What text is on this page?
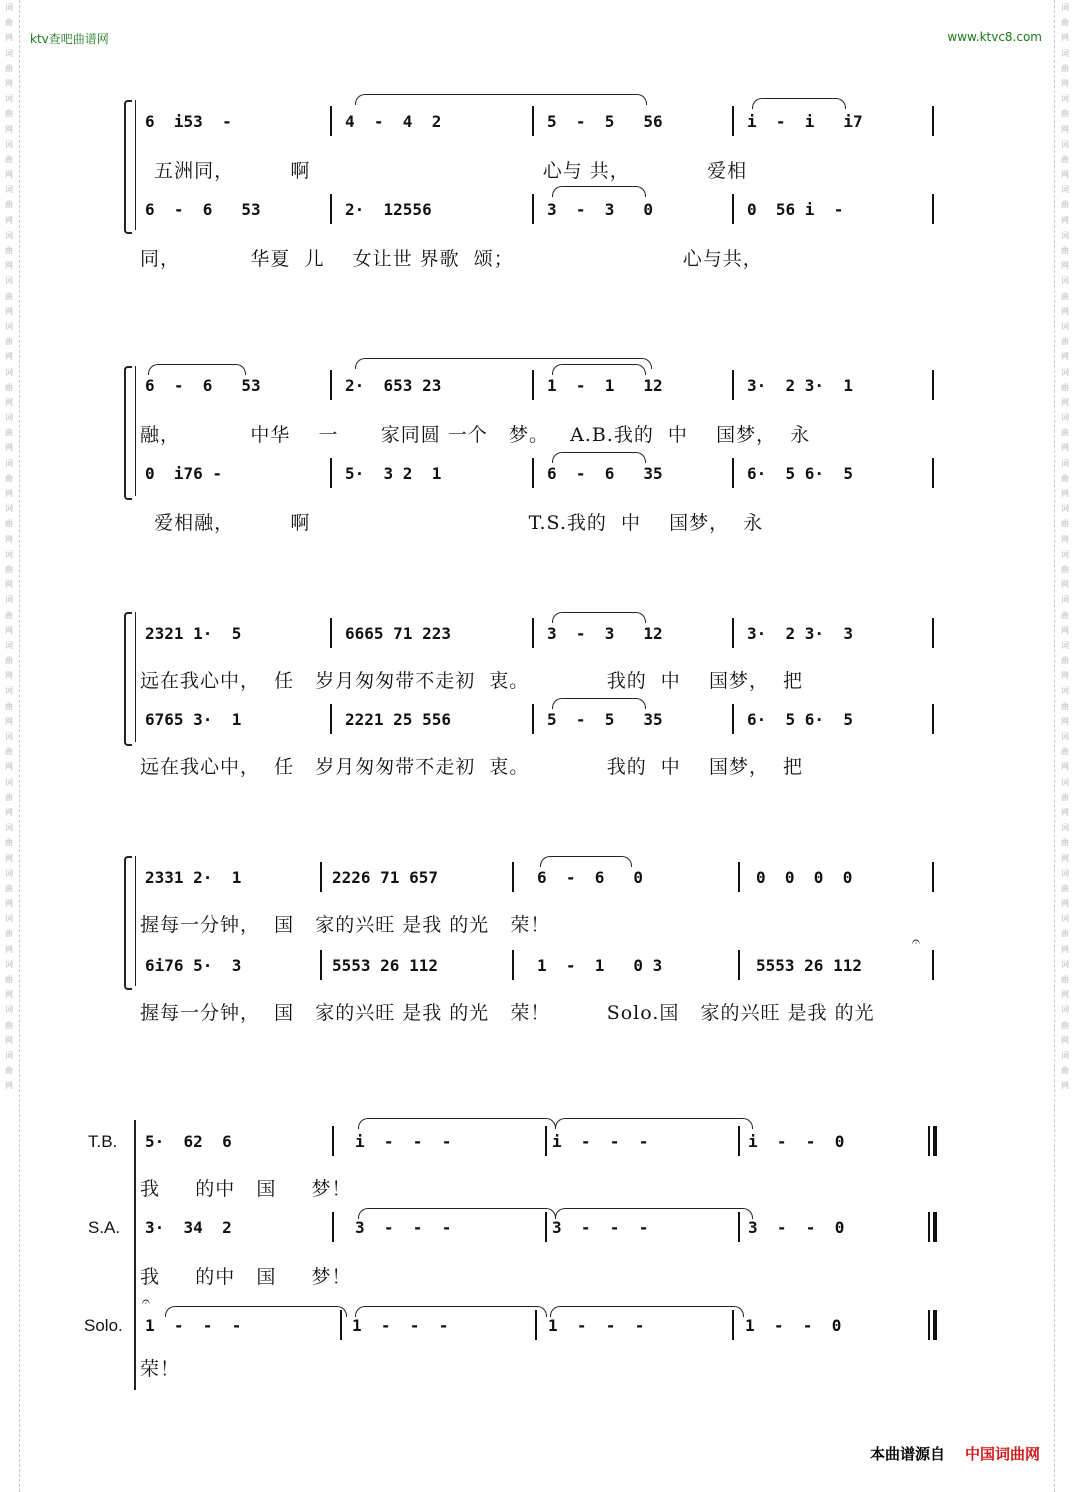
词曲网词曲网词曲网词曲网词曲网词曲网词曲网词曲网词曲网词曲网词曲网词曲网词曲网词曲网词曲网词曲网词曲网词曲网词曲网词曲网词曲网词曲网词曲网词曲网
词曲网词曲网词曲网词曲网词曲网词曲网词曲网词曲网词曲网词曲网词曲网词曲网词曲网词曲网词曲网词曲网词曲网词曲网词曲网词曲网词曲网词曲网词曲网词曲网
ktv查吧曲谱网	www.ktvc8.com
6  i53  -	4  -  4  2	5  -  5   56	i  -  i   i7
五洲同，        啊                                 心与 共，           爱相
6  -  6   53	2·  12556	3  -  3   0	0  56 i  -
同，          华夏  儿    女让世 界歌  颂；                        心与共，
6  -  6   53	2·  653 23	1  -  1   12	3·  2 3·  1
融，          中华    一      家同圆 一个   梦。   A.B.我的  中    国梦，  永
0  i76 -	5·  3 2  1	6  -  6   35	6·  5 6·  5
爱相融，        啊                               T.S.我的  中    国梦，  永
2321 1·  5	6665 71 223	3  -  3   12	3·  2 3·  3
远在我心中，  任   岁月匆匆带不走初  衷。           我的  中    国梦，  把
6765 3·  1	2221 25 556	5  -  5   35	6·  5 6·  5
远在我心中，  任   岁月匆匆带不走初  衷。           我的  中    国梦，  把
2331 2·  1	2226 71 657	6  -  6   0	0  0  0  0
握每一分钟，  国   家的兴旺 是我 的光   荣！
6i76 5·  3	5553 26 112	1  -  1   0 3	5553 26 112
𝄐
握每一分钟，  国   家的兴旺 是我 的光   荣！        Solo.国   家的兴旺 是我 的光
T.B. 5·  62  6	i  -  -  -	i  -  -  -	i  -  -  0
我     的中   国     梦！
S.A. 3·  34  2	3  -  -  -	3  -  -  -	3  -  -  0
我     的中   国     梦！
Solo.
𝄐
1  -  -  -	1  -  -  -	1  -  -  -	1  -  -  0
荣！
本曲谱源自 中国词曲网
